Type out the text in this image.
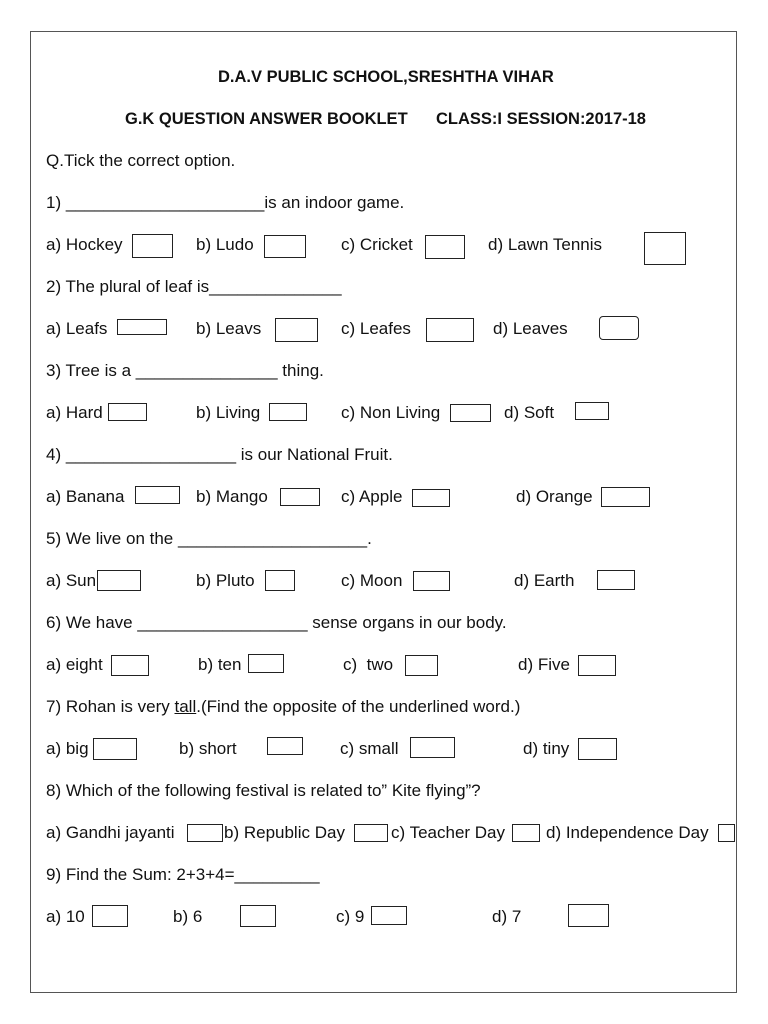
D.A.V PUBLIC SCHOOL,SRESHTHA VIHAR
G.K QUESTION ANSWER BOOKLET CLASS:I SESSION:2017-18
Q.Tick the correct option.
1) _____________________is an indoor game.
a) Hockey	b) Ludo	c) Cricket	d) Lawn Tennis
2) The plural of leaf is______________
a) Leafs	b) Leavs	c) Leafes	d) Leaves
3) Tree is a _______________ thing.
a) Hard	b) Living	c) Non Living	d) Soft
4) __________________ is our National Fruit.
a) Banana	b) Mango	c) Apple	d) Orange
5) We live on the ____________________.
a) Sun	b) Pluto	c) Moon	d) Earth
6) We have __________________ sense organs in our body.
a) eight	b) ten	c)  two	d) Five
7) Rohan is very tall.(Find the opposite of the underlined word.)
a) big	b) short	c) small	d) tiny
8) Which of the following festival is related to” Kite flying”?
a) Gandhi jayanti	b) Republic Day	c) Teacher Day d) Independence Day
9) Find the Sum: 2+3+4=_________
a) 10	b) 6	c) 9	d) 7
